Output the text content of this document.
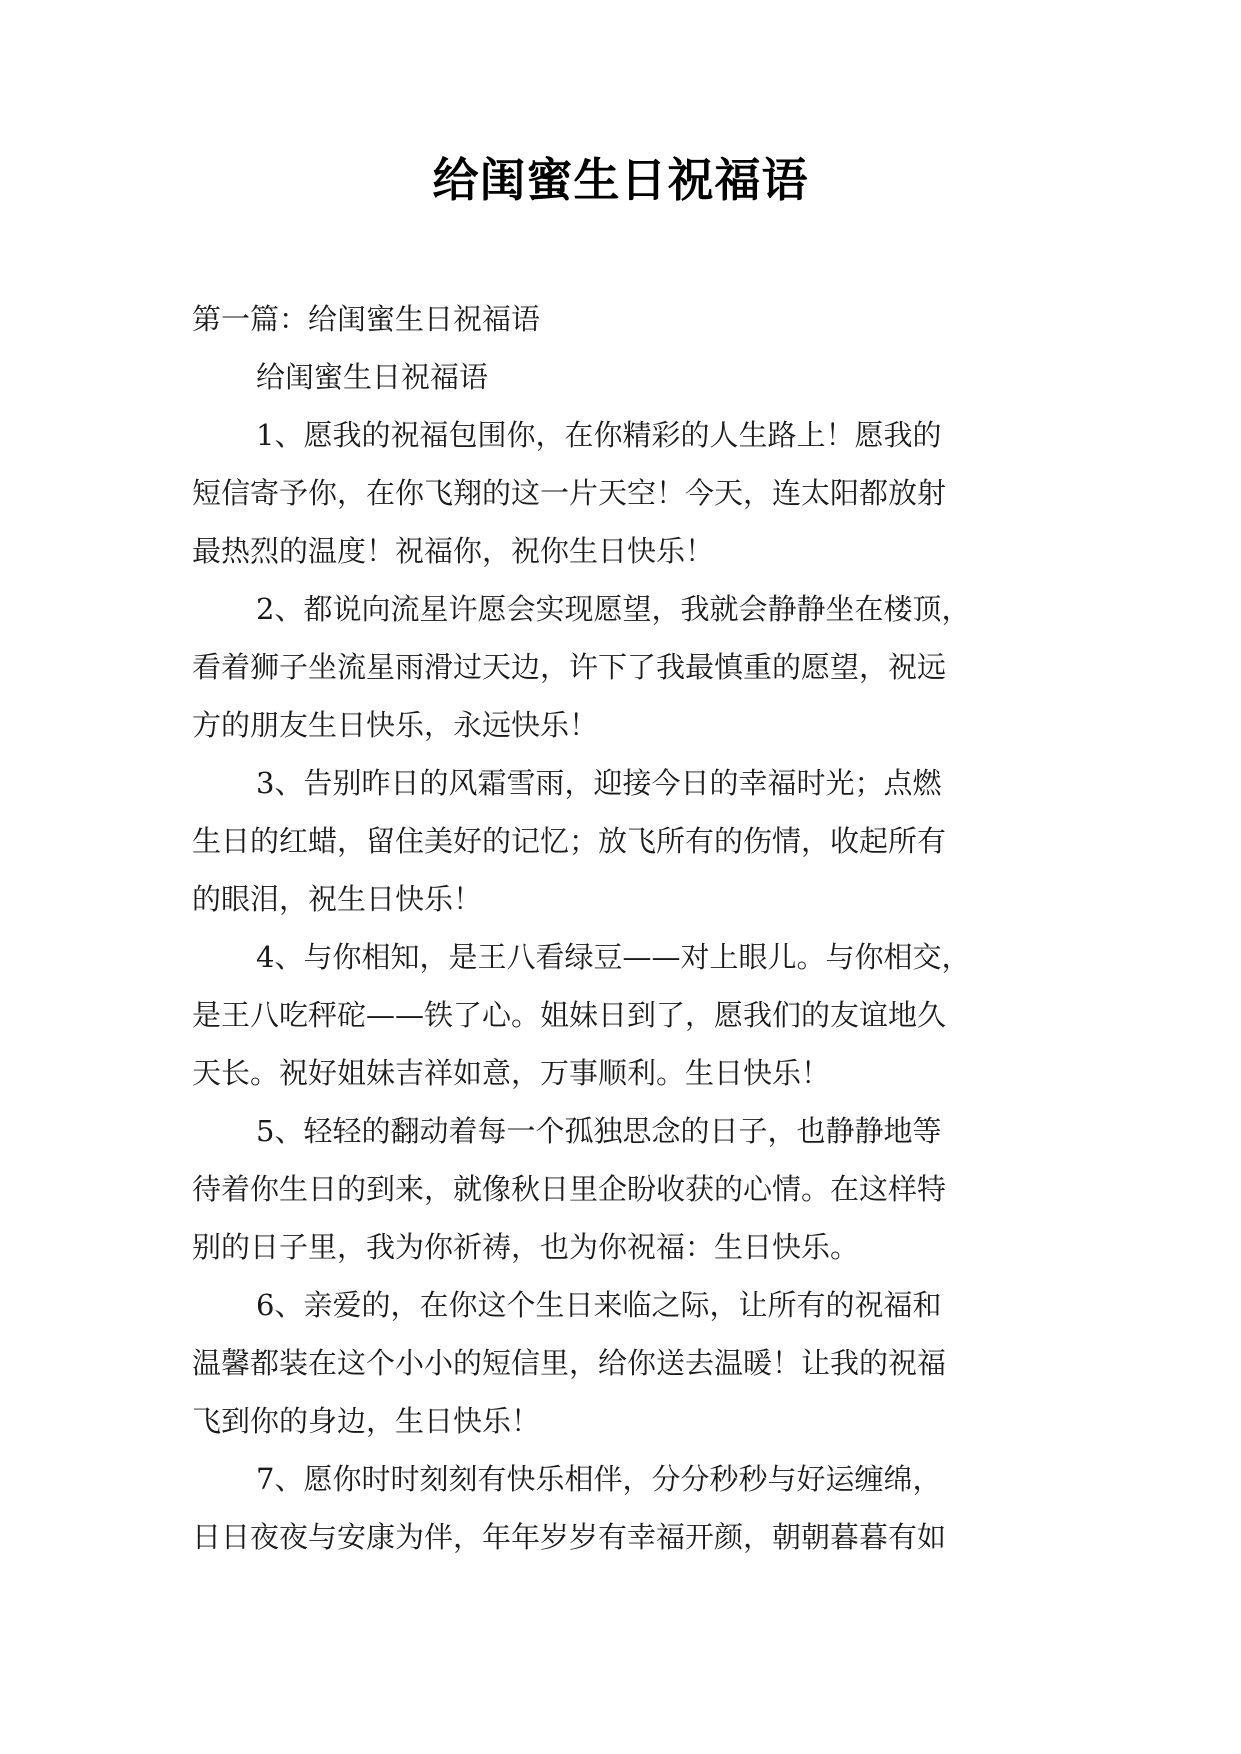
给闺蜜生日祝福语

第一篇：给闺蜜生日祝福语

给闺蜜生日祝福语

1、愿我的祝福包围你，在你精彩的人生路上！愿我的
短信寄予你，在你飞翔的这一片天空！今天，连太阳都放射
最热烈的温度！祝福你，祝你生日快乐！

2、都说向流星许愿会实现愿望，我就会静静坐在楼顶，
看着狮子坐流星雨滑过天边，许下了我最慎重的愿望，祝远
方的朋友生日快乐，永远快乐！

3、告别昨日的风霜雪雨，迎接今日的幸福时光；点燃
生日的红蜡，留住美好的记忆；放飞所有的伤情，收起所有
的眼泪，祝生日快乐！

4、与你相知，是王八看绿豆——对上眼儿。与你相交，
是王八吃秤砣——铁了心。姐妹日到了，愿我们的友谊地久
天长。祝好姐妹吉祥如意，万事顺利。生日快乐！

5、轻轻的翻动着每一个孤独思念的日子，也静静地等
待着你生日的到来，就像秋日里企盼收获的心情。在这样特
别的日子里，我为你祈祷，也为你祝福：生日快乐。

6、亲爱的，在你这个生日来临之际，让所有的祝福和
温馨都装在这个小小的短信里，给你送去温暖！让我的祝福
飞到你的身边，生日快乐！

7、愿你时时刻刻有快乐相伴，分分秒秒与好运缠绵，
日日夜夜与安康为伴，年年岁岁有幸福开颜，朝朝暮暮有如
